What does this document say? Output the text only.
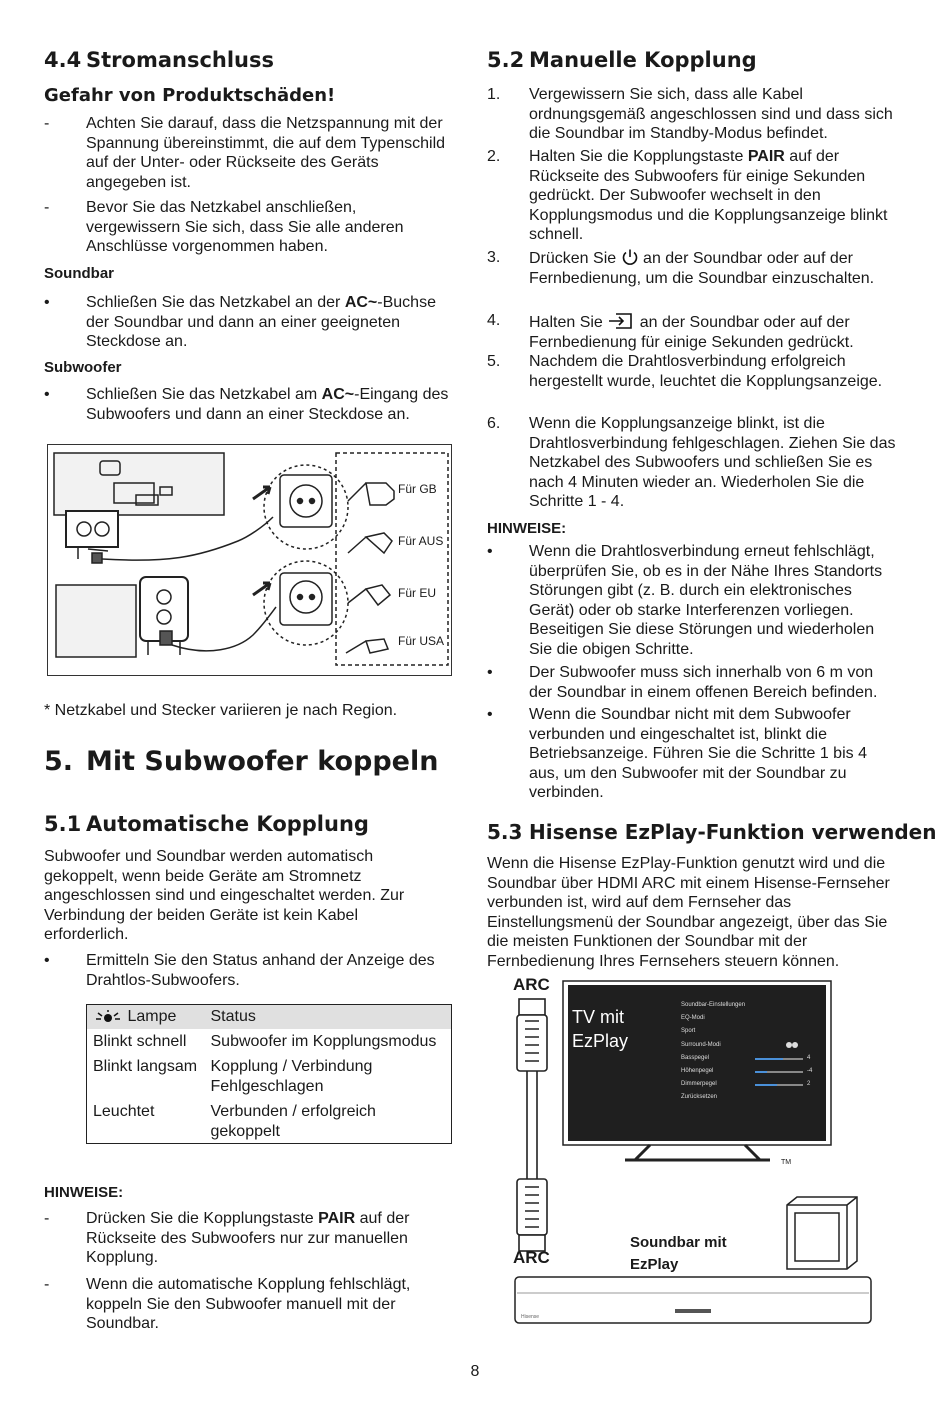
4.4 Stromanschluss
Gefahr von Produktschäden!
-	Achten Sie darauf, dass die Netzspannung mit der Spannung übereinstimmt, die auf dem Typenschild auf der Unter- oder Rückseite des Geräts angegeben ist.
-	Bevor Sie das Netzkabel anschließen, vergewissern Sie sich, dass Sie alle anderen Anschlüsse vorgenommen haben.
Soundbar
•	Schließen Sie das Netzkabel an der AC~-Buchse der Soundbar und dann an einer geeigneten Steckdose an.
Subwoofer
•	Schließen Sie das Netzkabel am AC~-Eingang des Subwoofers und dann an einer Steckdose an.
Für GB
Für AUS
Für EU
Für USA
* Netzkabel und Stecker variieren je nach Region.
5. Mit Subwoofer koppeln
5.1 Automatische Kopplung
Subwoofer und Soundbar werden automatisch gekoppelt, wenn beide Geräte am Stromnetz angeschlossen sind und eingeschaltet werden. Zur Verbindung der beiden Geräte ist kein Kabel erforderlich.
•	Ermitteln Sie den Status anhand der Anzeige des Drahtlos-Subwoofers.
Lampe	Status
Blinkt schnell	Subwoofer im Kopplungsmodus
Blinkt langsam	Kopplung / Verbindung Fehlgeschlagen
Leuchtet	Verbunden / erfolgreich gekoppelt
HINWEISE:
-	Drücken Sie die Kopplungstaste PAIR auf der Rückseite des Subwoofers nur zur manuellen Kopplung.
-	Wenn die automatische Kopplung fehlschlägt, koppeln Sie den Subwoofer manuell mit der Soundbar.
5.2 Manuelle Kopplung
1.	Vergewissern Sie sich, dass alle Kabel ordnungsgemäß angeschlossen sind und dass sich die Soundbar im Standby-Modus befindet.
2.	Halten Sie die Kopplungstaste PAIR auf der Rückseite des Subwoofers für einige Sekunden gedrückt. Der Subwoofer wechselt in den Kopplungsmodus und die Kopplungsanzeige blinkt schnell.
3.	Drücken Sie  an der Soundbar oder auf der Fernbedienung, um die Soundbar einzuschalten.
4.	Halten Sie  an der Soundbar oder auf der Fernbedienung für einige Sekunden gedrückt.
5.	Nachdem die Drahtlosverbindung erfolgreich hergestellt wurde, leuchtet die Kopplungsanzeige.
6.	Wenn die Kopplungsanzeige blinkt, ist die Drahtlosverbindung fehlgeschlagen. Ziehen Sie das Netzkabel des Subwoofers und schließen Sie es nach 4 Minuten wieder an. Wiederholen Sie die Schritte 1 - 4.
HINWEISE:
•	Wenn die Drahtlosverbindung erneut fehlschlägt, überprüfen Sie, ob es in der Nähe Ihres Standorts Störungen gibt (z. B. durch ein elektronisches Gerät) oder ob starke Interferenzen vorliegen. Beseitigen Sie diese Störungen und wiederholen Sie die obigen Schritte.
•	Der Subwoofer muss sich innerhalb von 6 m von der Soundbar in einem offenen Bereich befinden.
•	Wenn die Soundbar nicht mit dem Subwoofer verbunden und eingeschaltet ist, blinkt die Betriebsanzeige. Führen Sie die Schritte 1 bis 4 aus, um den Subwoofer mit der Soundbar zu verbinden.
5.3 Hisense EzPlay-Funktion verwenden
Wenn die Hisense EzPlay-Funktion genutzt wird und die Soundbar über HDMI ARC mit einem Hisense-Fernseher verbunden ist, wird auf dem Fernseher das Einstellungsmenü der Soundbar angezeigt, über das Sie die meisten Funktionen der Soundbar mit der Fernbedienung Ihres Fernsehers steuern können.
ARC
TV mit
EzPlay
Soundbar-Einstellungen
EQ-Modi
Sport
Surround-Modi
Basspegel	4
Höhenpegel	-4
Dimmerpegel	2
Zurücksetzen
TM
ARC
Soundbar mit
EzPlay
Hisense
8
